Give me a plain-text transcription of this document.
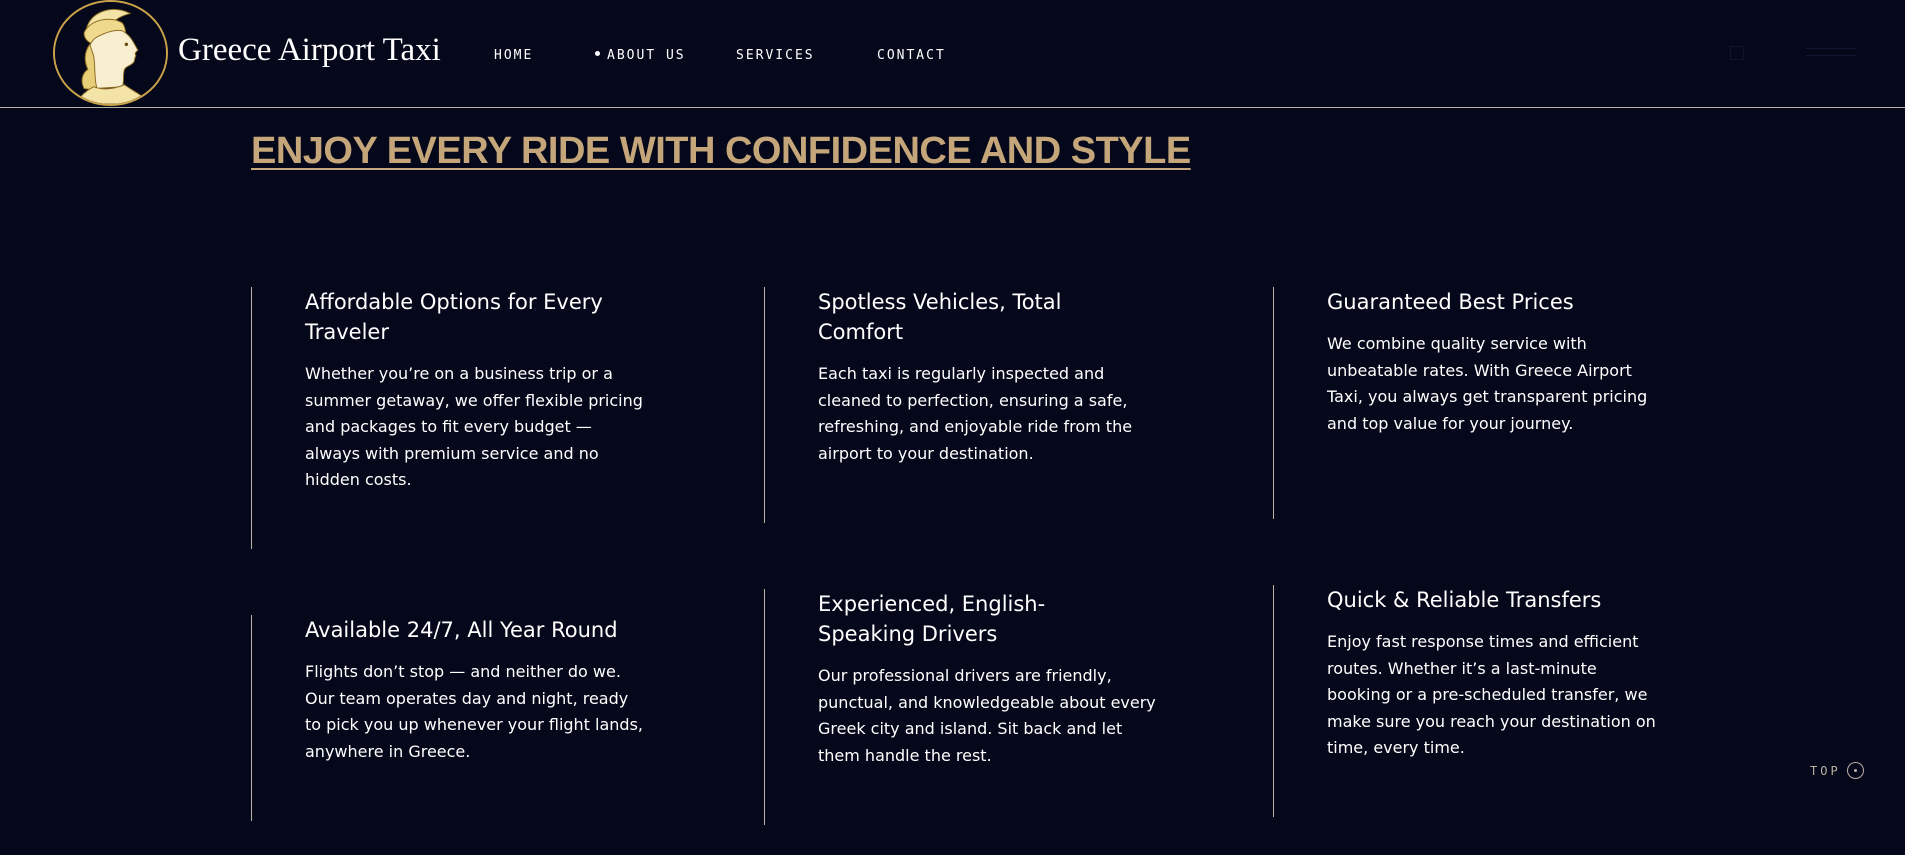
Greece Airport Taxi	HOME	ABOUT US	SERVICES	CONTACT
ENJOY EVERY RIDE WITH CONFIDENCE AND STYLE
Affordable Options for Every Traveler

Whether you’re on a business trip or a summer getaway, we offer flexible pricing and packages to fit every budget — always with premium service and no hidden costs.

Spotless Vehicles, Total Comfort

Each taxi is regularly inspected and cleaned to perfection, ensuring a safe, refreshing, and enjoyable ride from the airport to your destination.

Guaranteed Best Prices

We combine quality service with unbeatable rates. With Greece Airport Taxi, you always get transparent pricing and top value for your journey.

Available 24/7, All Year Round

Flights don’t stop — and neither do we. Our team operates day and night, ready to pick you up whenever your flight lands, anywhere in Greece.

Experienced, English-Speaking Drivers

Our professional drivers are friendly, punctual, and knowledgeable about every Greek city and island. Sit back and let them handle the rest.

Quick & Reliable Transfers

Enjoy fast response times and efficient routes. Whether it’s a last-minute booking or a pre-scheduled transfer, we make sure you reach your destination on time, every time.

TOP
